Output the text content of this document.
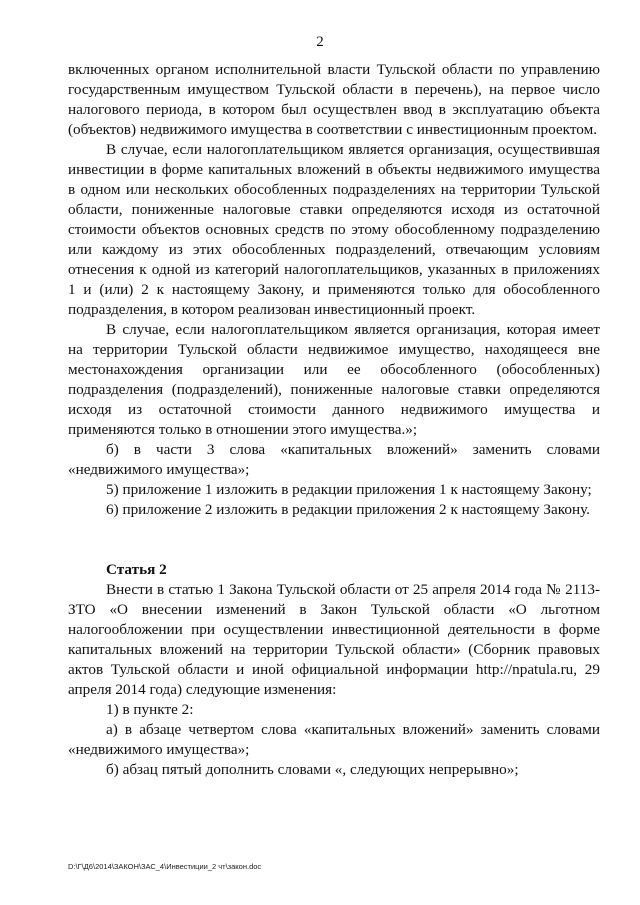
2

включенных органом исполнительной власти Тульской области по управлению государственным имуществом Тульской области в перечень), на первое число налогового периода, в котором был осуществлен ввод в эксплуатацию объекта (объектов) недвижимого имущества в соответствии с инвестиционным проектом.

В случае, если налогоплательщиком является организация, осуществившая инвестиции в форме капитальных вложений в объекты недвижимого имущества в одном или нескольких обособленных подразделениях на территории Тульской области, пониженные налоговые ставки определяются исходя из остаточной стоимости объектов основных средств по этому обособленному подразделению или каждому из этих обособленных подразделений, отвечающим условиям отнесения к одной из категорий налогоплательщиков, указанных в приложениях 1 и (или) 2 к настоящему Закону, и применяются только для обособленного подразделения, в котором реализован инвестиционный проект.

В случае, если налогоплательщиком является организация, которая имеет на территории Тульской области недвижимое имущество, находящееся вне местонахождения организации или ее обособленного (обособленных) подразделения (подразделений), пониженные налоговые ставки определяются исходя из остаточной стоимости данного недвижимого имущества и применяются только в отношении этого имущества.»;

б) в части 3 слова «капитальных вложений» заменить словами «недвижимого имущества»;

5) приложение 1 изложить в редакции приложения 1 к настоящему Закону;

6) приложение 2 изложить в редакции приложения 2 к настоящему Закону.

Статья 2

Внести в статью 1 Закона Тульской области от 25 апреля 2014 года № 2113-ЗТО «О внесении изменений в Закон Тульской области «О льготном налогообложении при осуществлении инвестиционной деятельности в форме капитальных вложений на территории Тульской области» (Сборник правовых актов Тульской области и иной официальной информации http://npatula.ru, 29 апреля 2014 года) следующие изменения:

1) в пункте 2:

а) в абзаце четвертом слова «капитальных вложений» заменить словами «недвижимого имущества»;

б) абзац пятый дополнить словами «, следующих непрерывно»;

D:\Г\Д6\2014\ЗАКОН\ЗАС_4\Инвестиции_2 чт\закон.doc
